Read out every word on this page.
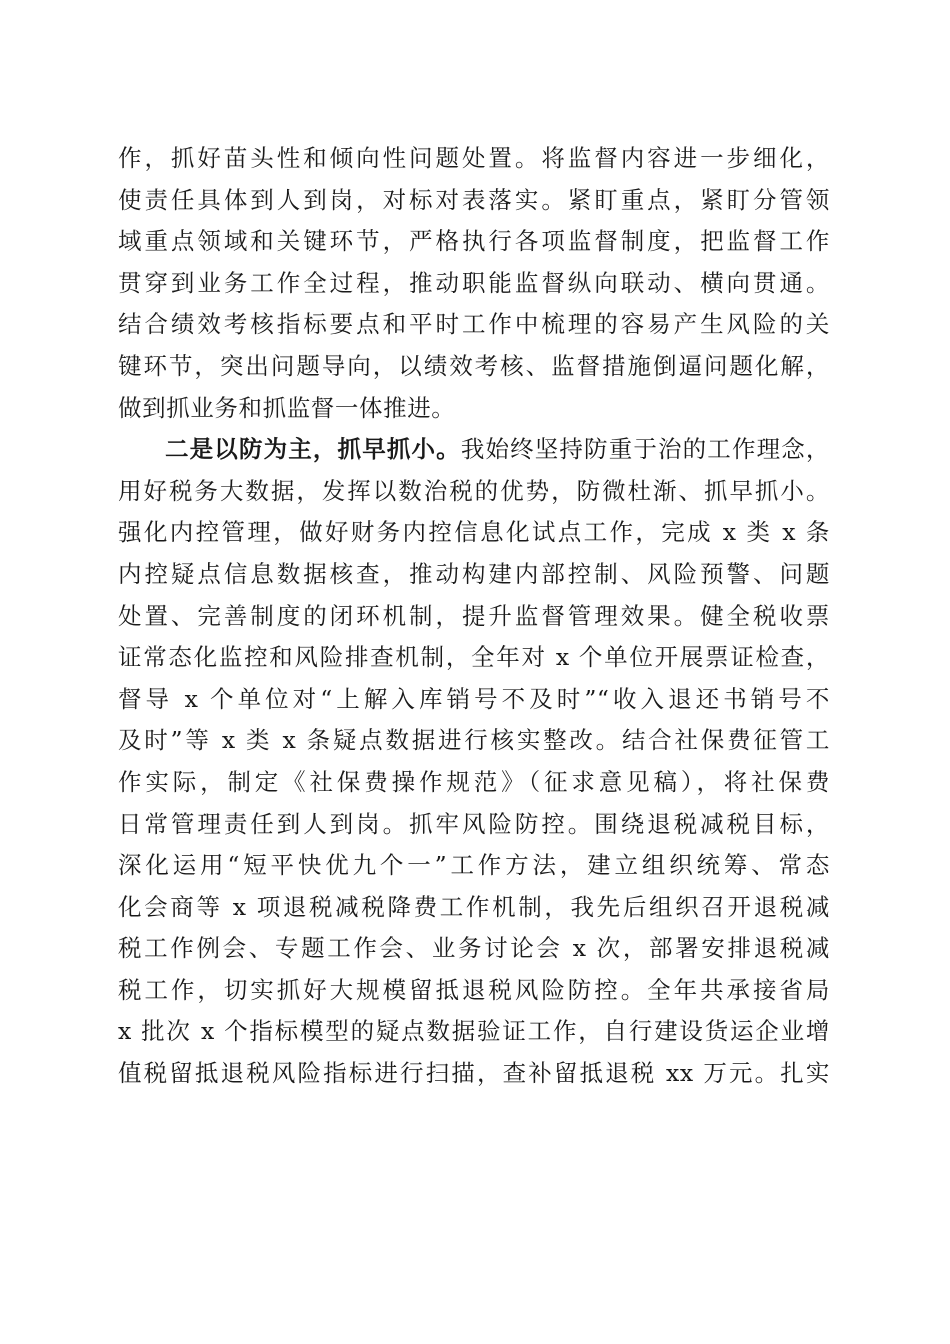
作，抓好苗头性和倾向性问题处置。将监督内容进一步细化，
使责任具体到人到岗，对标对表落实。紧盯重点，紧盯分管领
域重点领域和关键环节，严格执行各项监督制度，把监督工作
贯穿到业务工作全过程，推动职能监督纵向联动、横向贯通。
结合绩效考核指标要点和平时工作中梳理的容易产生风险的关
键环节，突出问题导向，以绩效考核、监督措施倒逼问题化解，
做到抓业务和抓监督一体推进。
二是以防为主，抓早抓小。我始终坚持防重于治的工作理念，
用好税务大数据，发挥以数治税的优势，防微杜渐、抓早抓小。
强化内控管理，做好财务内控信息化试点工作，完成 x 类 x 条
内控疑点信息数据核查，推动构建内部控制、风险预警、问题
处置、完善制度的闭环机制，提升监督管理效果。健全税收票
证常态化监控和风险排查机制，全年对 x 个单位开展票证检查，
督导 x 个单位对“上解入库销号不及时”“收入退还书销号不
及时”等 x 类 x 条疑点数据进行核实整改。结合社保费征管工
作实际，制定《社保费操作规范》（征求意见稿），将社保费
日常管理责任到人到岗。抓牢风险防控。围绕退税减税目标，
深化运用“短平快优九个一”工作方法，建立组织统筹、常态
化会商等 x 项退税减税降费工作机制，我先后组织召开退税减
税工作例会、专题工作会、业务讨论会 x 次，部署安排退税减
税工作，切实抓好大规模留抵退税风险防控。全年共承接省局
x 批次 x 个指标模型的疑点数据验证工作，自行建设货运企业增
值税留抵退税风险指标进行扫描，查补留抵退税 xx 万元。扎实
